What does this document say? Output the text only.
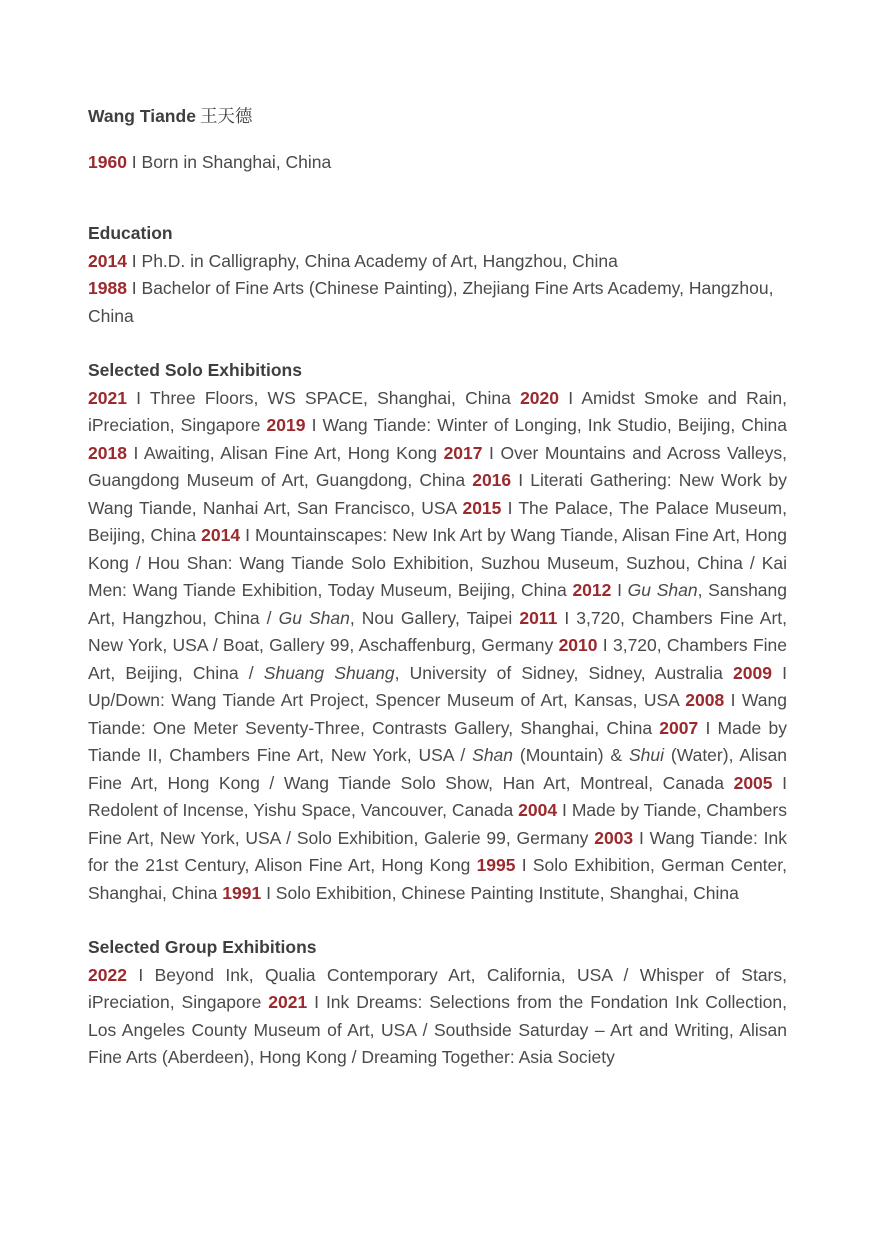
Wang Tiande 王天德

1960 I Born in Shanghai, China

Education

2014 I Ph.D. in Calligraphy, China Academy of Art, Hangzhou, China

1988 I Bachelor of Fine Arts (Chinese Painting), Zhejiang Fine Arts Academy, Hangzhou, China

Selected Solo Exhibitions

2021 I Three Floors, WS SPACE, Shanghai, China 2020 I Amidst Smoke and Rain, iPreciation, Singapore 2019 I Wang Tiande: Winter of Longing, Ink Studio, Beijing, China 2018 I Awaiting, Alisan Fine Art, Hong Kong 2017 I Over Mountains and Across Valleys, Guangdong Museum of Art, Guangdong, China 2016 I Literati Gathering: New Work by Wang Tiande, Nanhai Art, San Francisco, USA 2015 I The Palace, The Palace Museum, Beijing, China 2014 I Mountainscapes: New Ink Art by Wang Tiande, Alisan Fine Art, Hong Kong / Hou Shan: Wang Tiande Solo Exhibition, Suzhou Museum, Suzhou, China / Kai Men: Wang Tiande Exhibition, Today Museum, Beijing, China 2012 I Gu Shan, Sanshang Art, Hangzhou, China / Gu Shan, Nou Gallery, Taipei 2011 I 3,720, Chambers Fine Art, New York, USA / Boat, Gallery 99, Aschaffenburg, Germany 2010 I 3,720, Chambers Fine Art, Beijing, China / Shuang Shuang, University of Sidney, Sidney, Australia 2009 I Up/Down: Wang Tiande Art Project, Spencer Museum of Art, Kansas, USA 2008 I Wang Tiande: One Meter Seventy-Three, Contrasts Gallery, Shanghai, China 2007 I Made by Tiande II, Chambers Fine Art, New York, USA / Shan (Mountain) & Shui (Water), Alisan Fine Art, Hong Kong / Wang Tiande Solo Show, Han Art, Montreal, Canada 2005 I Redolent of Incense, Yishu Space, Vancouver, Canada 2004 I Made by Tiande, Chambers Fine Art, New York, USA / Solo Exhibition, Galerie 99, Germany 2003 I Wang Tiande: Ink for the 21st Century, Alison Fine Art, Hong Kong 1995 I Solo Exhibition, German Center, Shanghai, China 1991 I Solo Exhibition, Chinese Painting Institute, Shanghai, China

Selected Group Exhibitions

2022 I Beyond Ink, Qualia Contemporary Art, California, USA / Whisper of Stars, iPreciation, Singapore 2021 I Ink Dreams: Selections from the Fondation Ink Collection, Los Angeles County Museum of Art, USA / Southside Saturday – Art and Writing, Alisan Fine Arts (Aberdeen), Hong Kong / Dreaming Together: Asia Society
